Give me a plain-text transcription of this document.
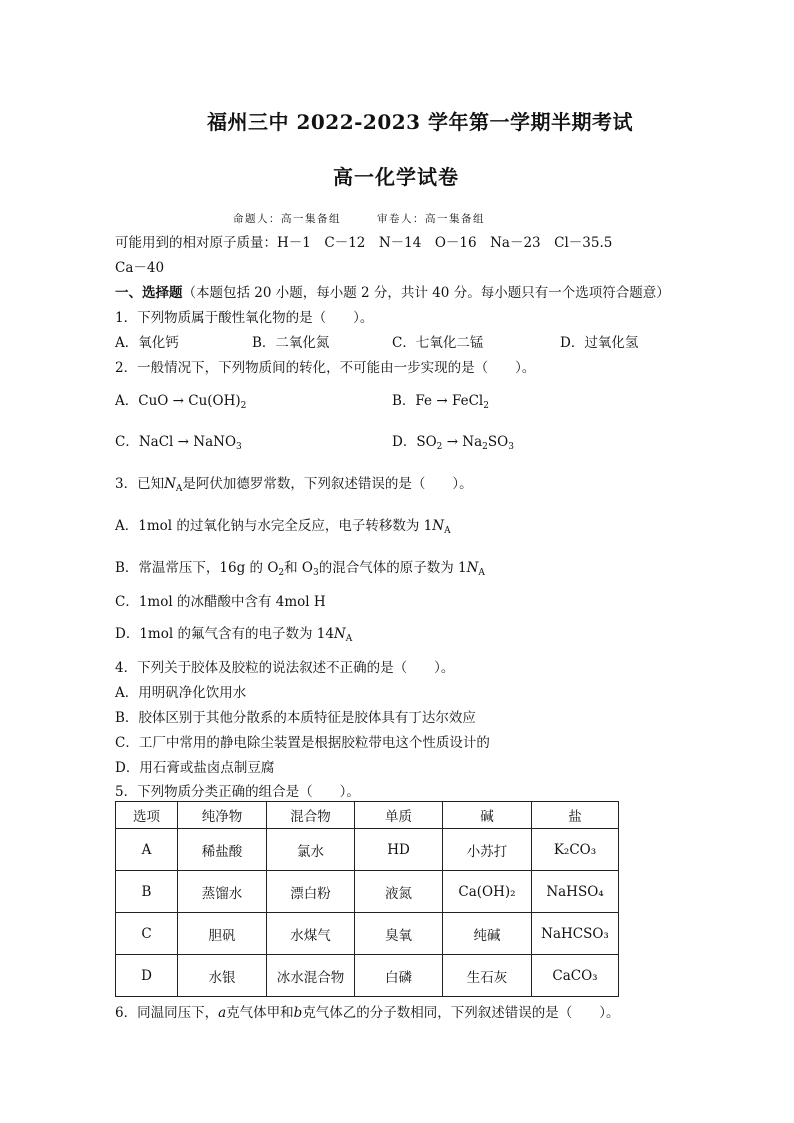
福州三中 2022-2023 学年第一学期半期考试
高一化学试卷
命题人：高一集备组　　　审卷人：高一集备组
可能用到的相对原子质量：H－1　C－12　N－14　O－16　Na－23　Cl－35.5
Ca－40
一、选择题（本题包括 20 小题，每小题 2 分，共计 40 分。每小题只有一个选项符合题意）
1．下列物质属于酸性氧化物的是（　　）。
A．氧化钙	B．二氧化氮	C．七氧化二锰	D．过氧化氢
2．一般情况下，下列物质间的转化，不可能由一步实现的是（　　）。
A．CuO → $Cu(OH)_2$	B．Fe → FeCl$_2$
C．NaCl → NaNO$_3$	D．$SO_2 \to Na_2SO_3$
3．已知$N_A$是阿伏加德罗常数，下列叙述错误的是（　　）。
A．1mol 的过氧化钠与水完全反应，电子转移数为 $1N_A$
B．常温常压下，16g 的 $O_2$和 $O_3$的混合气体的原子数为 $1N_A$
C．1mol 的冰醋酸中含有 4mol H
D．1mol 的氟气含有的电子数为 $14N_A$
4．下列关于胶体及胶粒的说法叙述不正确的是（　　）。
A．用明矾净化饮用水
B．胶体区别于其他分散系的本质特征是胶体具有丁达尔效应
C．工厂中常用的静电除尘装置是根据胶粒带电这个性质设计的
D．用石膏或盐卤点制豆腐
5．下列物质分类正确的组合是（　　）。
选项	纯净物	混合物	单质	碱	盐
A	稀盐酸	氯水	HD	小苏打	K₂CO₃
B	蒸馏水	漂白粉	液氮	Ca(OH)₂	NaHSO₄
C	胆矾	水煤气	臭氧	纯碱	NaHCSO₃
D	水银	冰水混合物	白磷	生石灰	CaCO₃
6．同温同压下，a克气体甲和b克气体乙的分子数相同，下列叙述错误的是（　　）。
